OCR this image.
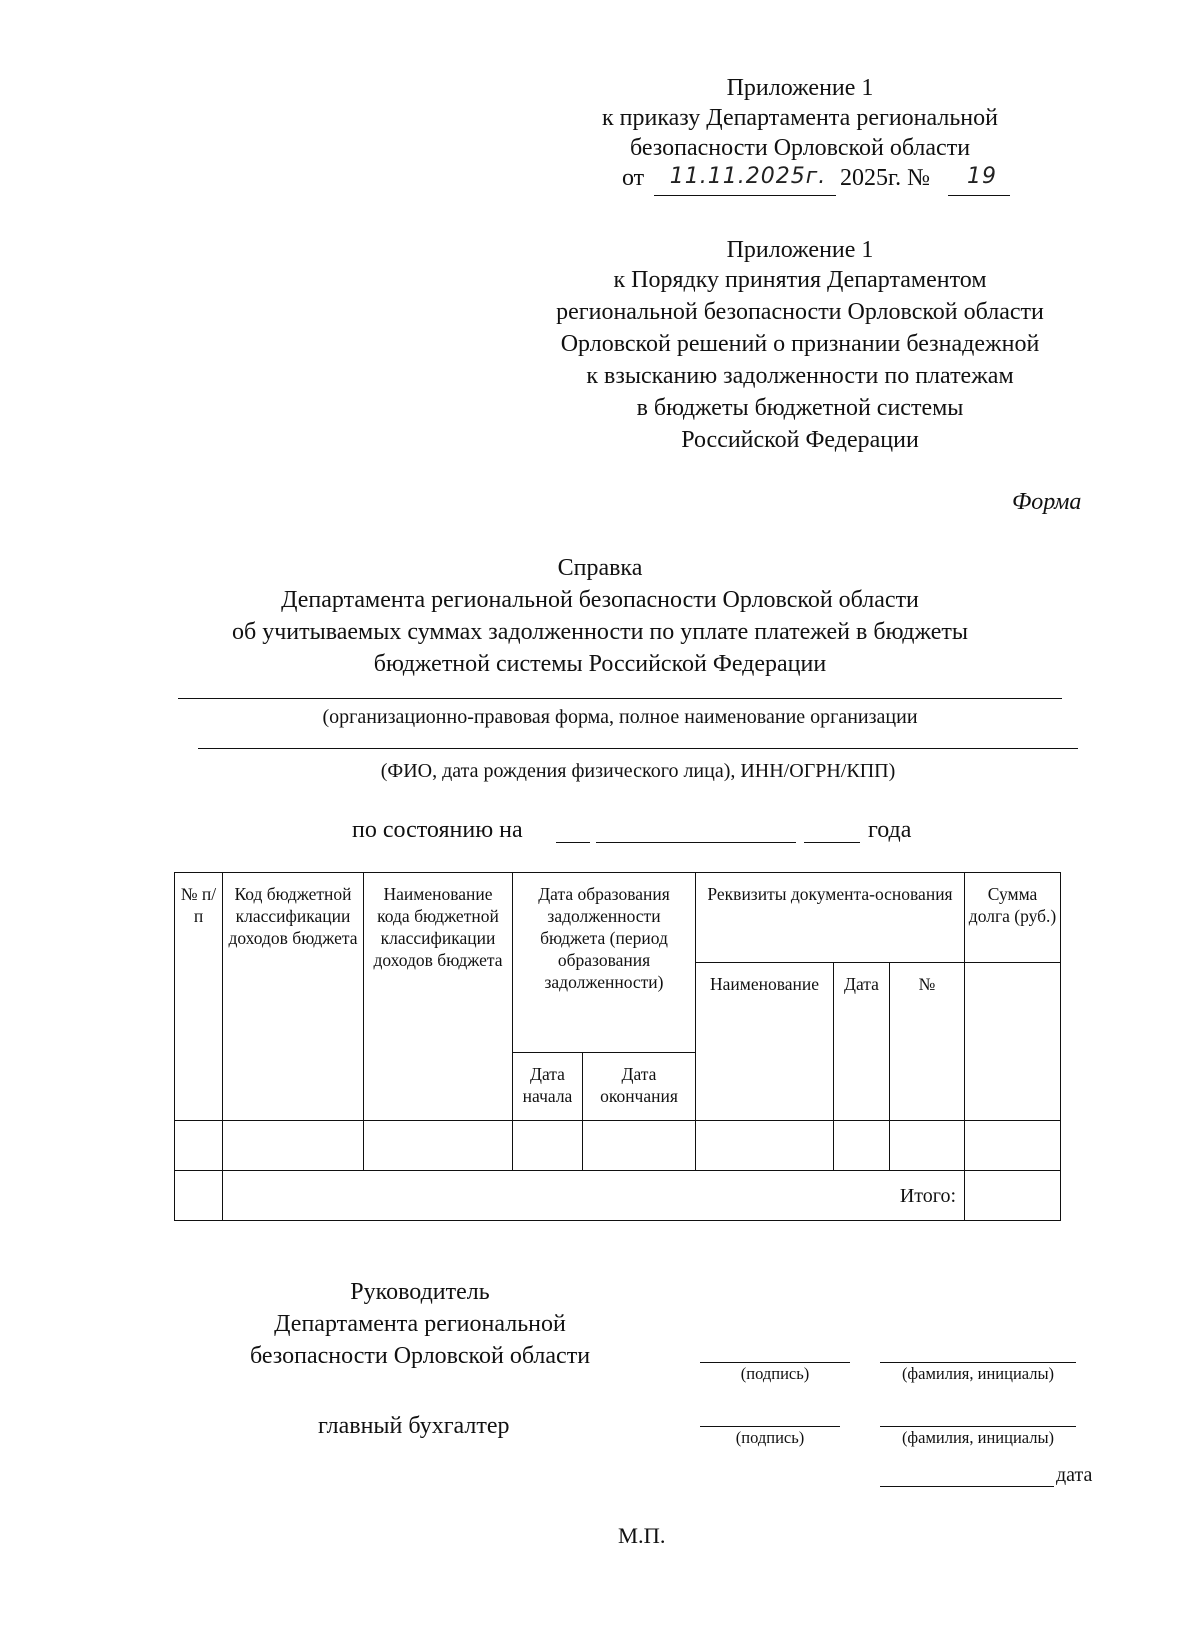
Приложение 1
к приказу Департамента региональной
безопасности Орловской области
от	11.11.2025г. 2025г. №	19
Приложение 1
к Порядку принятия Департаментом
региональной безопасности Орловской области
Орловской решений о признании безнадежной
к взысканию задолженности по платежам
в бюджеты бюджетной системы
Российской Федерации
Форма
Справка
Департамента региональной безопасности Орловской области
об учитываемых суммах задолженности по уплате платежей в бюджеты
бюджетной системы Российской Федерации
(организационно-правовая форма, полное наименование организации
(ФИО, дата рождения физического лица), ИНН/ОГРН/КПП)
по состоянию на	года
№ п/п	Код бюджетной классификации доходов бюджета	Наименование кода бюджетной классификации доходов бюджета	Дата образования задолженности бюджета (период образования задолженности)		Реквизиты документа-основания			Сумма долга (руб.)
					Наименование	Дата	№	
			Дата начала	Дата окончания				

	Итого:							
Руководитель
Департамента региональной
безопасности Орловской области
(подпись)	(фамилия, инициалы)
главный бухгалтер	(подпись)	(фамилия, инициалы)
дата
М.П.
